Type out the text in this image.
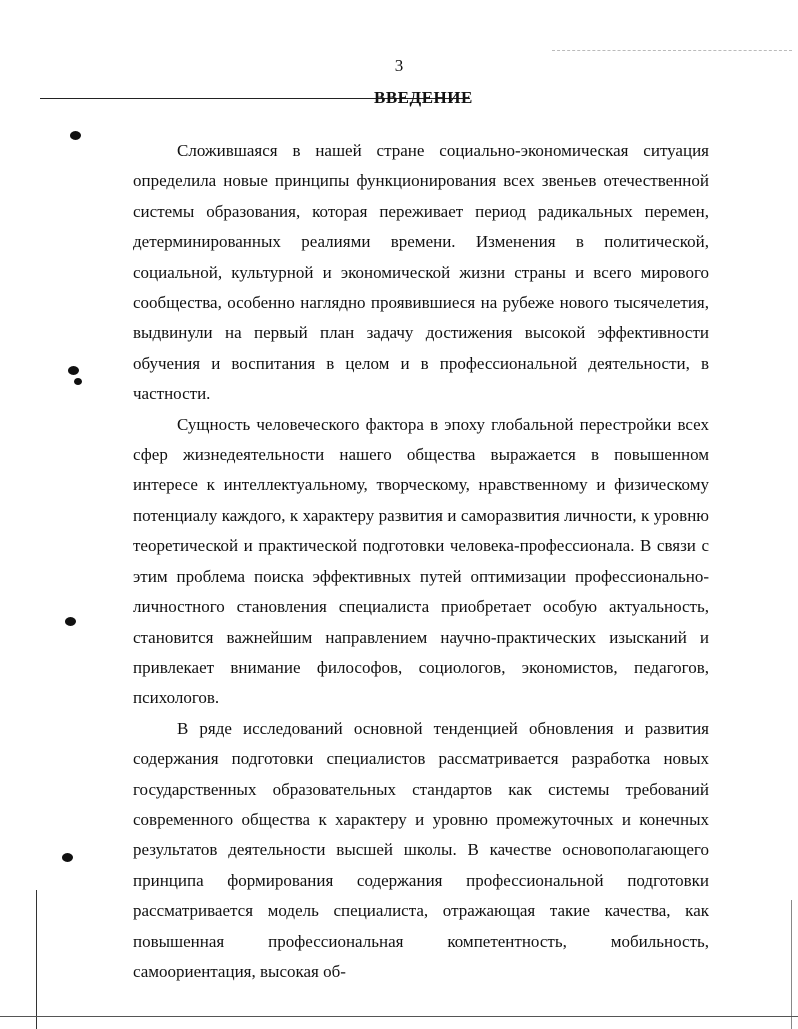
3
ВВЕДЕНИЕ

Сложившаяся в нашей стране социально-экономическая ситуация определила новые принципы функционирования всех звеньев отечественной системы образования, которая переживает период радикальных перемен, детерминированных реалиями времени. Изменения в политической, социальной, культурной и экономической жизни страны и всего мирового сообщества, особенно наглядно проявившиеся на рубеже нового тысячелетия, выдвинули на первый план задачу достижения высокой эффективности обучения и воспитания в целом и в профессиональной деятельности, в частности.

Сущность человеческого фактора в эпоху глобальной перестройки всех сфер жизнедеятельности нашего общества выражается в повышенном интересе к интеллектуальному, творческому, нравственному и физическому потенциалу каждого, к характеру развития и саморазвития личности, к уровню теоретической и практической подготовки человека-профессионала. В связи с этим проблема поиска эффективных путей оптимизации профессионально-личностного становления специалиста приобретает особую актуальность, становится важнейшим направлением научно-практических изысканий и привлекает внимание философов, социологов, экономистов, педагогов, психологов.

В ряде исследований основной тенденцией обновления и развития содержания подготовки специалистов рассматривается разработка новых государственных образовательных стандартов как системы требований современного общества к характеру и уровню промежуточных и конечных результатов деятельности высшей школы. В качестве основополагающего принципа формирования содержания профессиональной подготовки рассматривается модель специалиста, отражающая такие качества, как повышенная профессиональная компетентность, мобильность, самоориентация, высокая об-
